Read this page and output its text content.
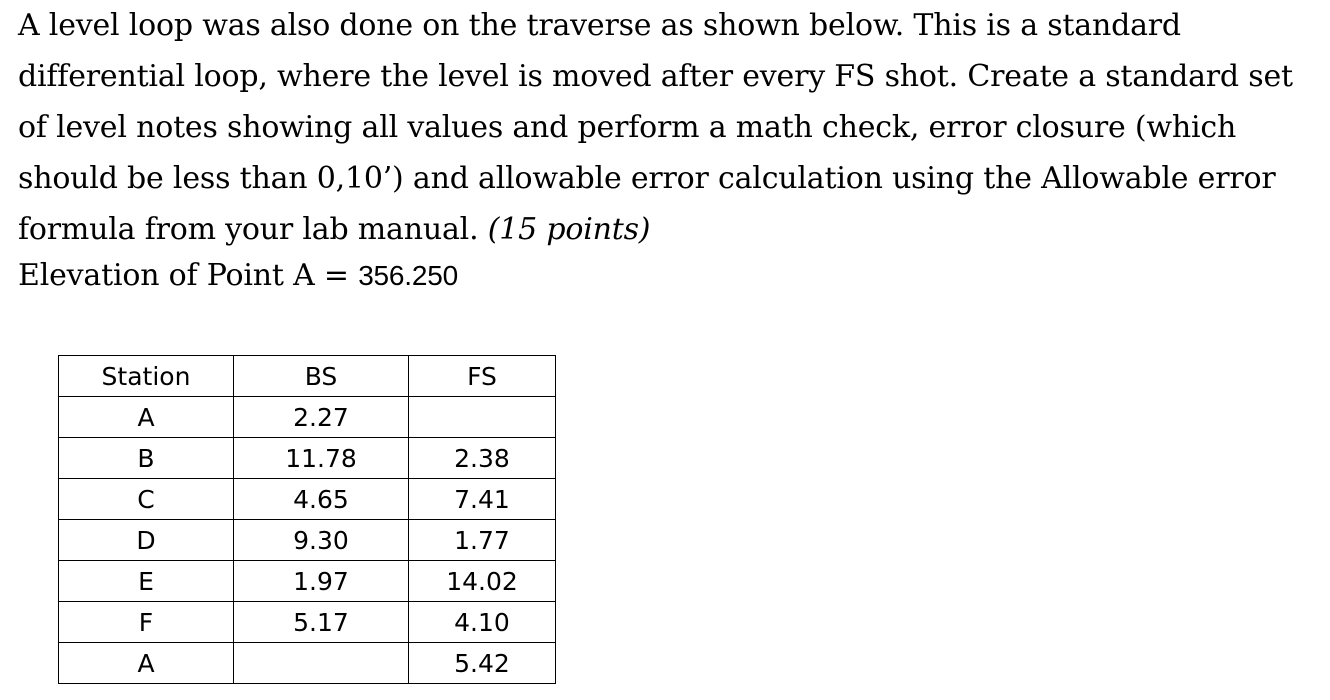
A level loop was also done on the traverse as shown below. This is a standard differential loop, where the level is moved after every FS shot. Create a standard set of level notes showing all values and perform a math check, error closure (which should be less than 0,10’) and allowable error calculation using the Allowable error formula from your lab manual. (15 points)

Elevation of Point A = 356.250
Station	BS	FS
A	2.27	
B	11.78	2.38
C	4.65	7.41
D	9.30	1.77
E	1.97	14.02
F	5.17	4.10
A		5.42
